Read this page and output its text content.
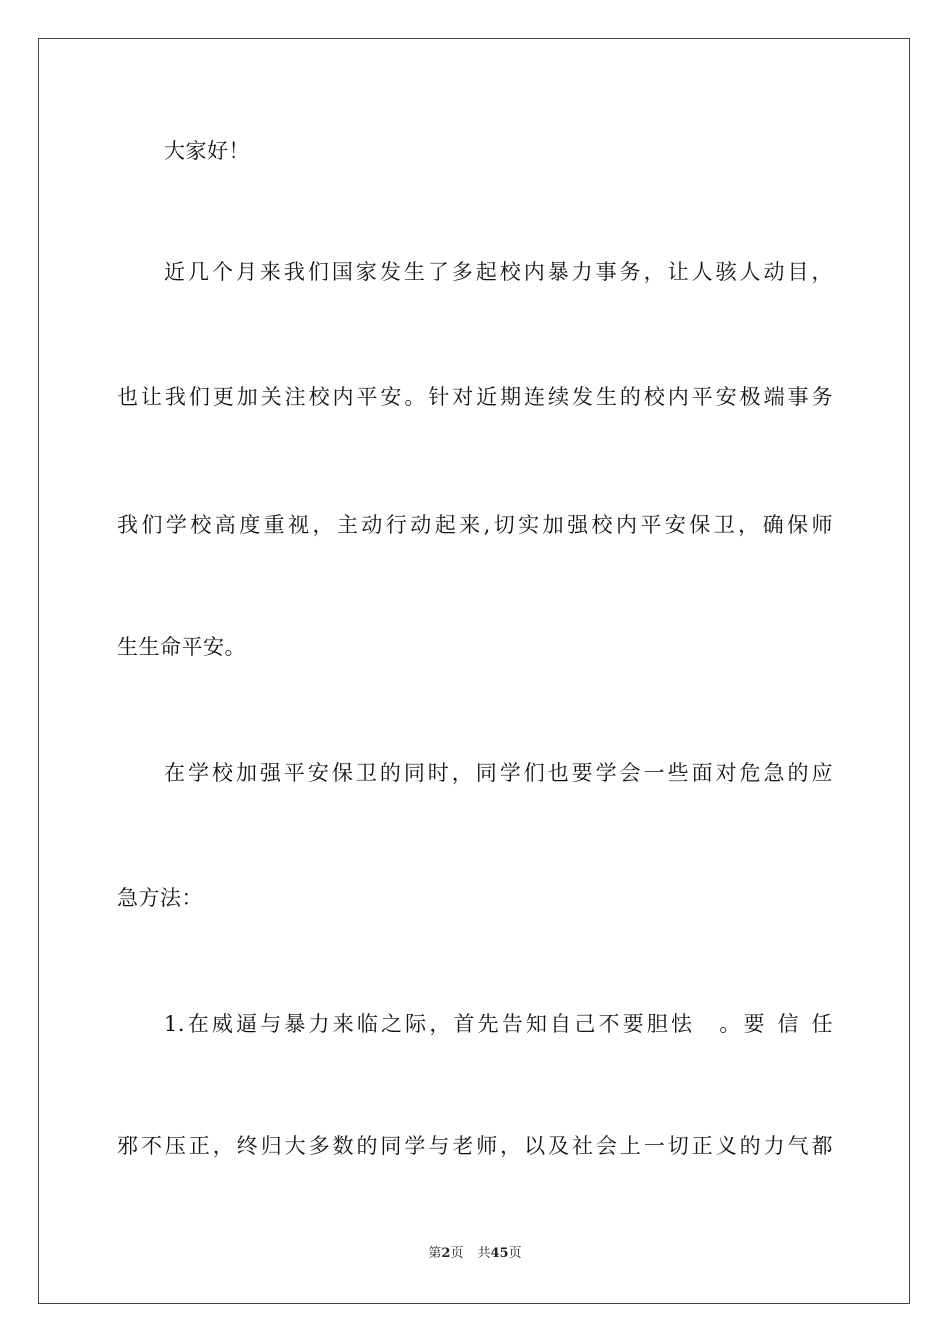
大家好！
近几个月来我们国家发生了多起校内暴力事务，让人骇人动目，
也让我们更加关注校内平安。针对近期连续发生的校内平安极端事务
我们学校高度重视，主动行动起来,切实加强校内平安保卫，确保师
生生命平安。
在学校加强平安保卫的同时，同学们也要学会一些面对危急的应
急方法：
1.在威逼与暴力来临之际，首先告知自己不要胆怯　。要 信 任
邪不压正，终归大多数的同学与老师，以及社会上一切正义的力气都
第2页 共45页
